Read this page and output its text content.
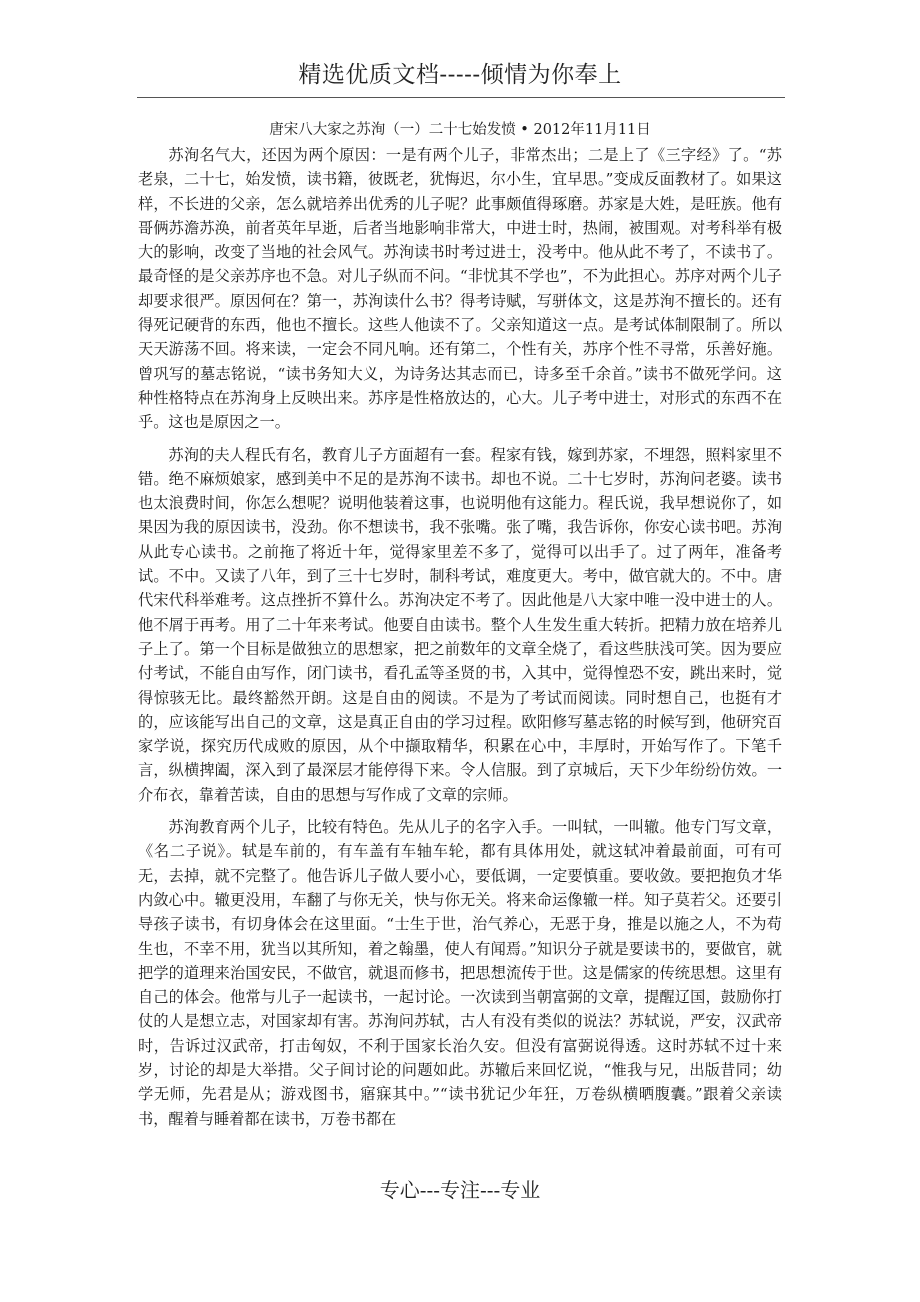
精选优质文档-----倾情为你奉上
唐宋八大家之苏洵（一）二十七始发愤 • 2012年11月11日

苏洵名气大，还因为两个原因：一是有两个儿子，非常杰出；二是上了《三字经》了。“苏老泉，二十七，始发愤，读书籍，彼既老，犹悔迟，尔小生，宜早思。”变成反面教材了。如果这样，不长进的父亲，怎么就培养出优秀的儿子呢？此事颇值得琢磨。苏家是大姓，是旺族。他有哥俩苏澹苏涣，前者英年早逝，后者当地影响非常大，中进士时，热闹，被围观。对考科举有极大的影响，改变了当地的社会风气。苏洵读书时考过进士，没考中。他从此不考了，不读书了。最奇怪的是父亲苏序也不急。对儿子纵而不问。“非忧其不学也”，不为此担心。苏序对两个儿子却要求很严。原因何在？第一，苏洵读什么书？得考诗赋，写骈体文，这是苏洵不擅长的。还有得死记硬背的东西，他也不擅长。这些人他读不了。父亲知道这一点。是考试体制限制了。所以天天游荡不回。将来读，一定会不同凡响。还有第二，个性有关，苏序个性不寻常，乐善好施。曾巩写的墓志铭说，“读书务知大义，为诗务达其志而已，诗多至千余首。”读书不做死学问。这种性格特点在苏洵身上反映出来。苏序是性格放达的，心大。儿子考中进士，对形式的东西不在乎。这也是原因之一。

苏洵的夫人程氏有名，教育儿子方面超有一套。程家有钱，嫁到苏家，不埋怨，照料家里不错。绝不麻烦娘家，感到美中不足的是苏洵不读书。却也不说。二十七岁时，苏洵问老婆。读书也太浪费时间，你怎么想呢？说明他装着这事，也说明他有这能力。程氏说，我早想说你了，如果因为我的原因读书，没劲。你不想读书，我不张嘴。张了嘴，我告诉你，你安心读书吧。苏洵从此专心读书。之前拖了将近十年，觉得家里差不多了，觉得可以出手了。过了两年，准备考试。不中。又读了八年，到了三十七岁时，制科考试，难度更大。考中，做官就大的。不中。唐代宋代科举难考。这点挫折不算什么。苏洵决定不考了。因此他是八大家中唯一没中进士的人。他不屑于再考。用了二十年来考试。他要自由读书。整个人生发生重大转折。把精力放在培养儿子上了。第一个目标是做独立的思想家，把之前数年的文章全烧了，看这些肤浅可笑。因为要应付考试，不能自由写作，闭门读书，看孔孟等圣贤的书，入其中，觉得惶恐不安，跳出来时，觉得惊骇无比。最终豁然开朗。这是自由的阅读。不是为了考试而阅读。同时想自己，也挺有才的，应该能写出自己的文章，这是真正自由的学习过程。欧阳修写墓志铭的时候写到，他研究百家学说，探究历代成败的原因，从个中撷取精华，积累在心中，丰厚时，开始写作了。下笔千言，纵横捭阖，深入到了最深层才能停得下来。令人信服。到了京城后，天下少年纷纷仿效。一介布衣，靠着苦读，自由的思想与写作成了文章的宗师。

苏洵教育两个儿子，比较有特色。先从儿子的名字入手。一叫轼，一叫辙。他专门写文章，《名二子说》。轼是车前的，有车盖有车轴车轮，都有具体用处，就这轼冲着最前面，可有可无，去掉，就不完整了。他告诉儿子做人要小心，要低调，一定要慎重。要收敛。要把抱负才华内敛心中。辙更没用，车翻了与你无关，快与你无关。将来命运像辙一样。知子莫若父。还要引导孩子读书，有切身体会在这里面。“士生于世，治气养心，无恶于身，推是以施之人，不为苟生也，不幸不用，犹当以其所知，着之翰墨，使人有闻焉。”知识分子就是要读书的，要做官，就把学的道理来治国安民，不做官，就退而修书，把思想流传于世。这是儒家的传统思想。这里有自己的体会。他常与儿子一起读书，一起讨论。一次读到当朝富弼的文章，提醒辽国，鼓励你打仗的人是想立志，对国家却有害。苏洵问苏轼，古人有没有类似的说法？苏轼说，严安，汉武帝时，告诉过汉武帝，打击匈奴，不利于国家长治久安。但没有富弼说得透。这时苏轼不过十来岁，讨论的却是大举措。父子间讨论的问题如此。苏辙后来回忆说，“惟我与兄，出版昔同；幼学无师，先君是从；游戏图书，寤寐其中。”“读书犹记少年狂，万卷纵横晒腹囊。”跟着父亲读书，醒着与睡着都在读书，万卷书都在

专心---专注---专业
